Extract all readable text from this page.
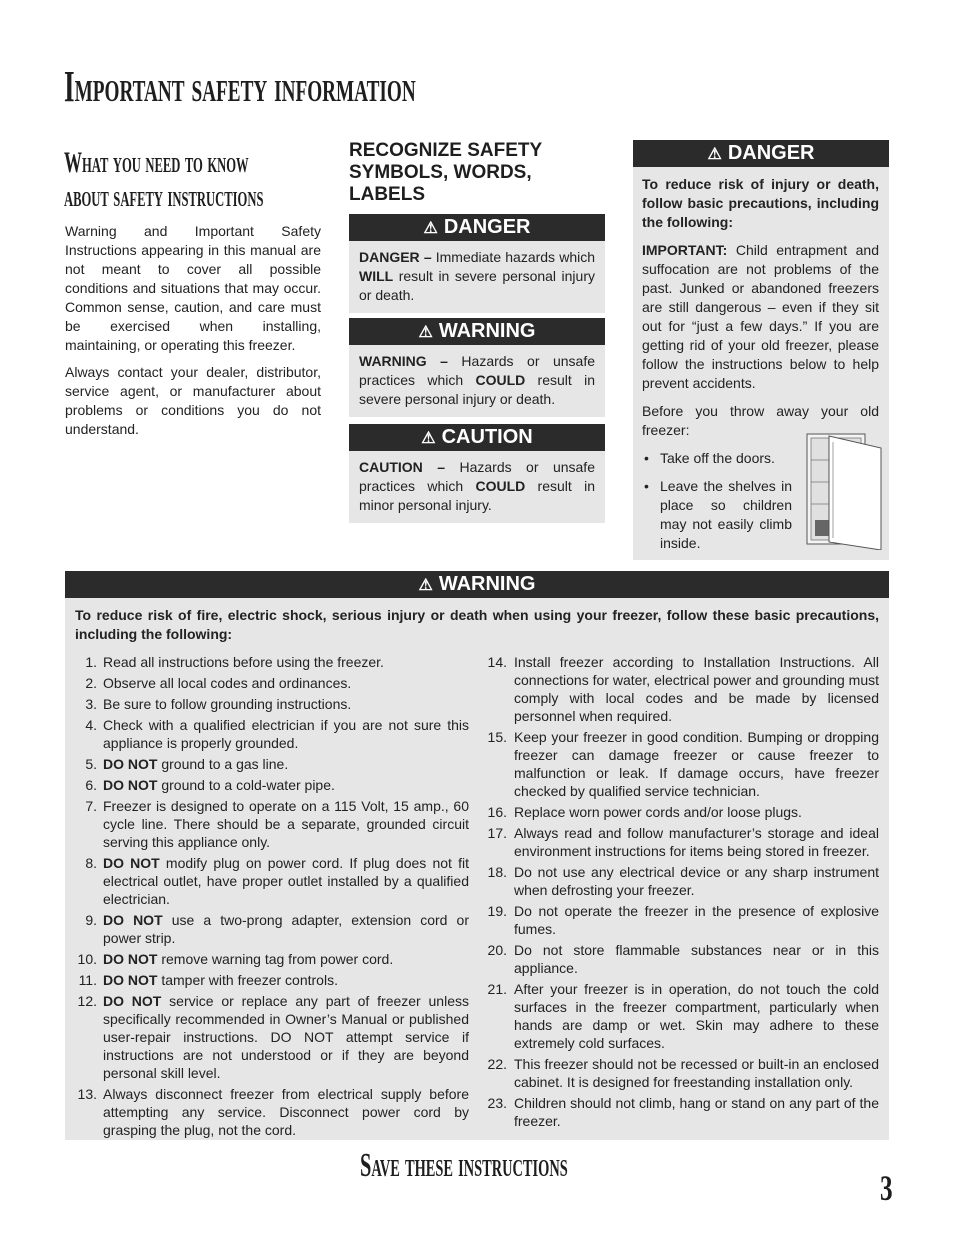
Important safety information
What you need to know
about safety instructions

Warning and Important Safety Instructions appearing in this manual are not meant to cover all possible conditions and situations that may occur. Common sense, caution, and care must be exercised when installing, maintaining, or operating this freezer.

Always contact your dealer, distributor, service agent, or manufacturer about problems or conditions you do not understand.

RECOGNIZE SAFETY
SYMBOLS, WORDS,
LABELS
⚠ DANGER
DANGER – Immediate hazards which WILL result in severe personal injury or death.
⚠ WARNING
WARNING – Hazards or unsafe practices which COULD result in severe personal injury or death.
⚠ CAUTION
CAUTION – Hazards or unsafe practices which COULD result in minor personal injury.
⚠ DANGER

To reduce risk of injury or death, follow basic precautions, including the following:

IMPORTANT: Child entrapment and suffocation are not problems of the past. Junked or abandoned freezers are still dangerous – even if they sit out for “just a few days.” If you are getting rid of your old freezer, please follow the instructions below to help prevent accidents.

Before you throw away your old freezer:

• Take off the doors.
• Leave the shelves in place so children may not easily climb inside.
⚠ WARNING
To reduce risk of fire, electric shock, serious injury or death when using your freezer, follow these basic precautions, including the following:
1. Read all instructions before using the freezer.
2. Observe all local codes and ordinances.
3. Be sure to follow grounding instructions.
4. Check with a qualified electrician if you are not sure this appliance is properly grounded.
5. DO NOT ground to a gas line.
6. DO NOT ground to a cold-water pipe.
7. Freezer is designed to operate on a 115 Volt, 15 amp., 60 cycle line. There should be a separate, grounded circuit serving this appliance only.
8. DO NOT modify plug on power cord. If plug does not fit electrical outlet, have proper outlet installed by a qualified electrician.
9. DO NOT use a two-prong adapter, extension cord or power strip.
10. DO NOT remove warning tag from power cord.
11. DO NOT tamper with freezer controls.
12. DO NOT service or replace any part of freezer unless specifically recommended in Owner’s Manual or published user-repair instructions. DO NOT attempt service if instructions are not understood or if they are beyond personal skill level.
13. Always disconnect freezer from electrical supply before attempting any service. Disconnect power cord by grasping the plug, not the cord.
14. Install freezer according to Installation Instructions. All connections for water, electrical power and grounding must comply with local codes and be made by licensed personnel when required.
15. Keep your freezer in good condition. Bumping or dropping freezer can damage freezer or cause freezer to malfunction or leak. If damage occurs, have freezer checked by qualified service technician.
16. Replace worn power cords and/or loose plugs.
17. Always read and follow manufacturer’s storage and ideal environment instructions for items being stored in freezer.
18. Do not use any electrical device or any sharp instrument when defrosting your freezer.
19. Do not operate the freezer in the presence of explosive fumes.
20. Do not store flammable substances near or in this appliance.
21. After your freezer is in operation, do not touch the cold surfaces in the freezer compartment, particularly when hands are damp or wet. Skin may adhere to these extremely cold surfaces.
22. This freezer should not be recessed or built-in an enclosed cabinet. It is designed for freestanding installation only.
23. Children should not climb, hang or stand on any part of the freezer.
Save these instructions
3
